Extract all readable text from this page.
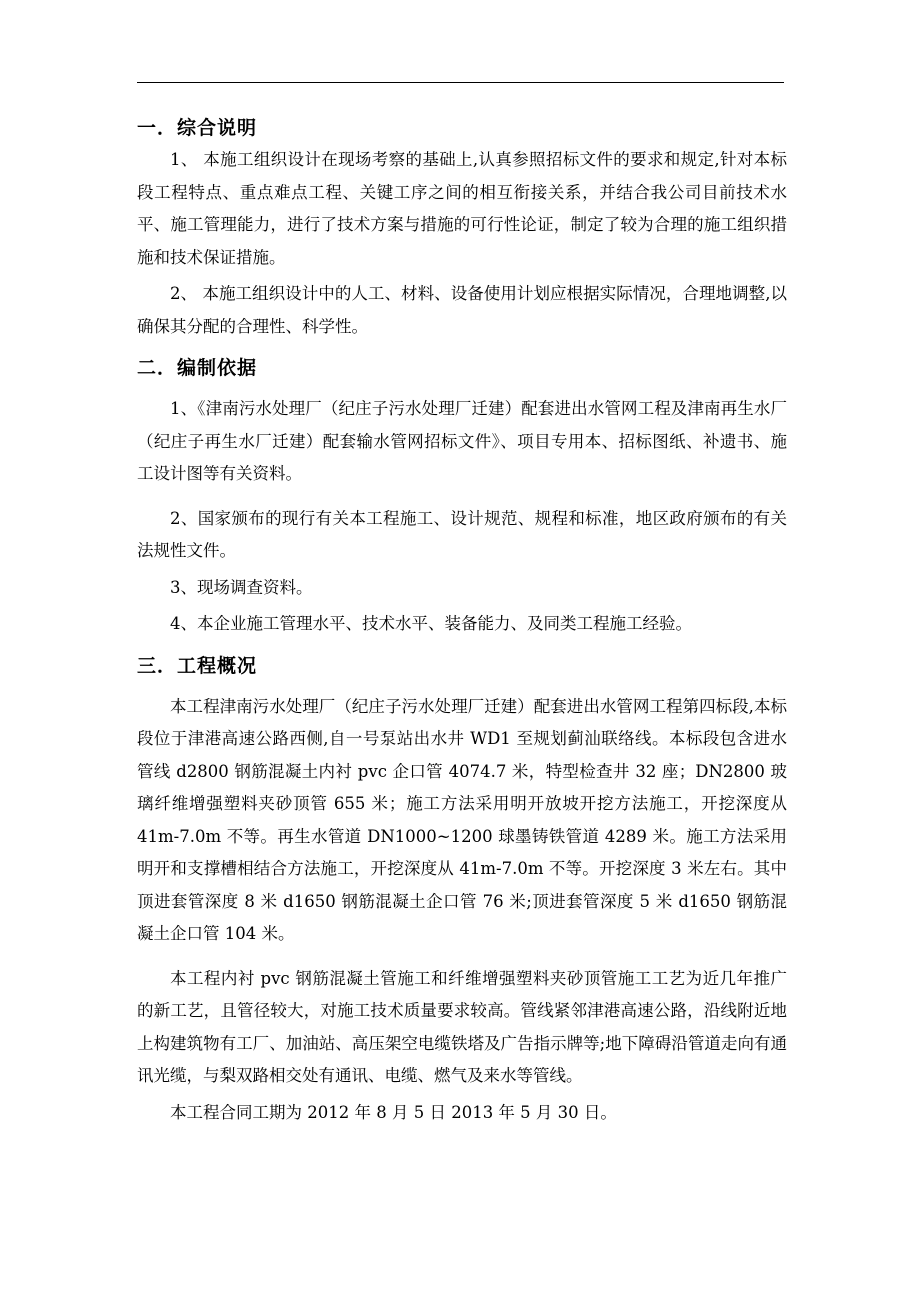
一．综合说明

1、 本施工组织设计在现场考察的基础上,认真参照招标文件的要求和规定,针对本标段工程特点、重点难点工程、关键工序之间的相互衔接关系，并结合我公司目前技术水平、施工管理能力，进行了技术方案与措施的可行性论证，制定了较为合理的施工组织措施和技术保证措施。

2、 本施工组织设计中的人工、材料、设备使用计划应根据实际情况，合理地调整,以确保其分配的合理性、科学性。

二．编制依据

1、《津南污水处理厂（纪庄子污水处理厂迁建）配套进出水管网工程及津南再生水厂（纪庄子再生水厂迁建）配套输水管网招标文件》、项目专用本、招标图纸、补遗书、施工设计图等有关资料。

2、国家颁布的现行有关本工程施工、设计规范、规程和标准，地区政府颁布的有关法规性文件。

3、现场调查资料。

4、本企业施工管理水平、技术水平、装备能力、及同类工程施工经验。

三．工程概况

本工程津南污水处理厂（纪庄子污水处理厂迁建）配套进出水管网工程第四标段,本标段位于津港高速公路西侧,自一号泵站出水井 WD1 至规划蓟汕联络线。本标段包含进水管线 d2800 钢筋混凝土内衬 pvc 企口管 4074.7 米，特型检查井 32 座；DN2800 玻璃纤维增强塑料夹砂顶管 655 米；施工方法采用明开放坡开挖方法施工，开挖深度从 41m-7.0m 不等。再生水管道 DN1000~1200 球墨铸铁管道 4289 米。施工方法采用明开和支撑槽相结合方法施工，开挖深度从 41m-7.0m 不等。开挖深度 3 米左右。其中顶进套管深度 8 米 d1650 钢筋混凝土企口管 76 米;顶进套管深度 5 米 d1650 钢筋混凝土企口管 104 米。

本工程内衬 pvc 钢筋混凝土管施工和纤维增强塑料夹砂顶管施工工艺为近几年推广的新工艺，且管径较大，对施工技术质量要求较高。管线紧邻津港高速公路，沿线附近地上构建筑物有工厂、加油站、高压架空电缆铁塔及广告指示牌等;地下障碍沿管道走向有通讯光缆，与梨双路相交处有通讯、电缆、燃气及来水等管线。

本工程合同工期为 2012 年 8 月 5 日 2013 年 5 月 30 日。
